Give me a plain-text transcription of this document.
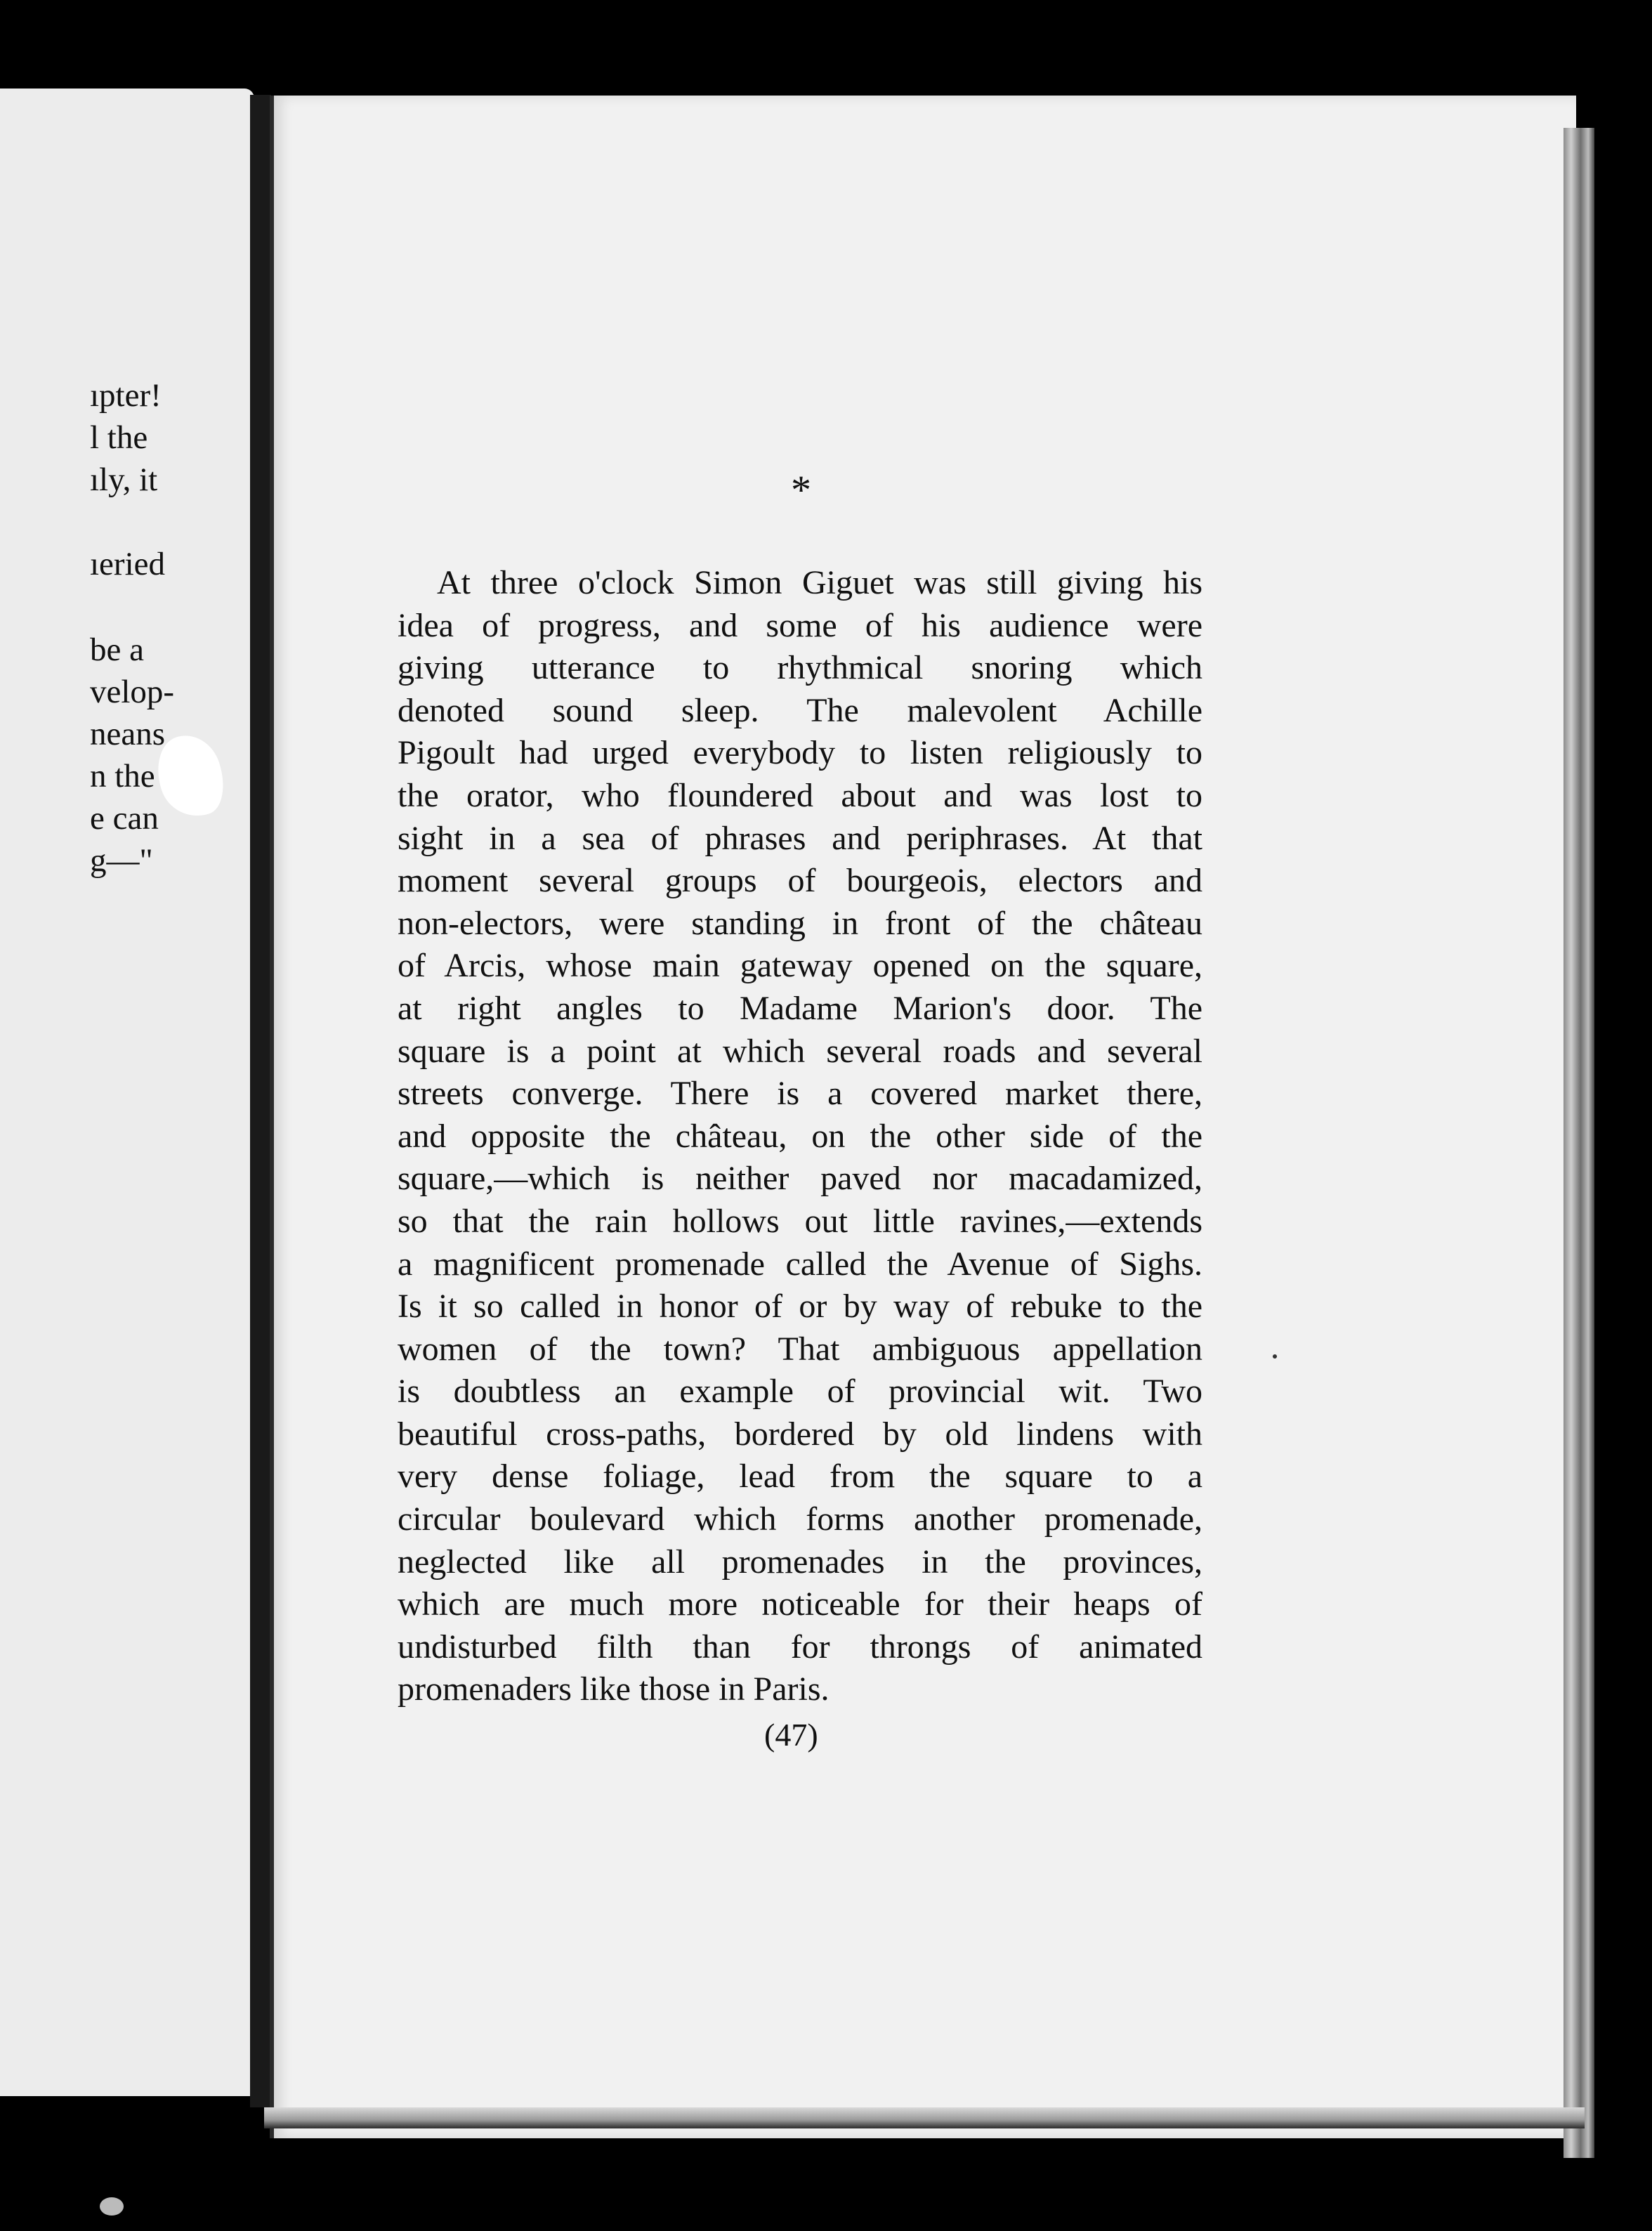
ıpter!
l the
ıly, it
ıeried
be a
velop-
neans
n the
e can
g—"
*
At three o'clock Simon Giguet was still giving his
idea of progress, and some of his audience were
giving utterance to rhythmical snoring which
denoted sound sleep. The malevolent Achille
Pigoult had urged everybody to listen religiously to
the orator, who floundered about and was lost to
sight in a sea of phrases and periphrases. At that
moment several groups of bourgeois, electors and
non-electors, were standing in front of the château
of Arcis, whose main gateway opened on the square,
at right angles to Madame Marion's door. The
square is a point at which several roads and several
streets converge. There is a covered market there,
and opposite the château, on the other side of the
square,—which is neither paved nor macadamized,
so that the rain hollows out little ravines,—extends
a magnificent promenade called the Avenue of Sighs.
Is it so called in honor of or by way of rebuke to the
women of the town? That ambiguous appellation
is doubtless an example of provincial wit. Two
beautiful cross-paths, bordered by old lindens with
very dense foliage, lead from the square to a
circular boulevard which forms another promenade,
neglected like all promenades in the provinces,
which are much more noticeable for their heaps of
undisturbed filth than for throngs of animated
promenaders like those in Paris.
(47)
